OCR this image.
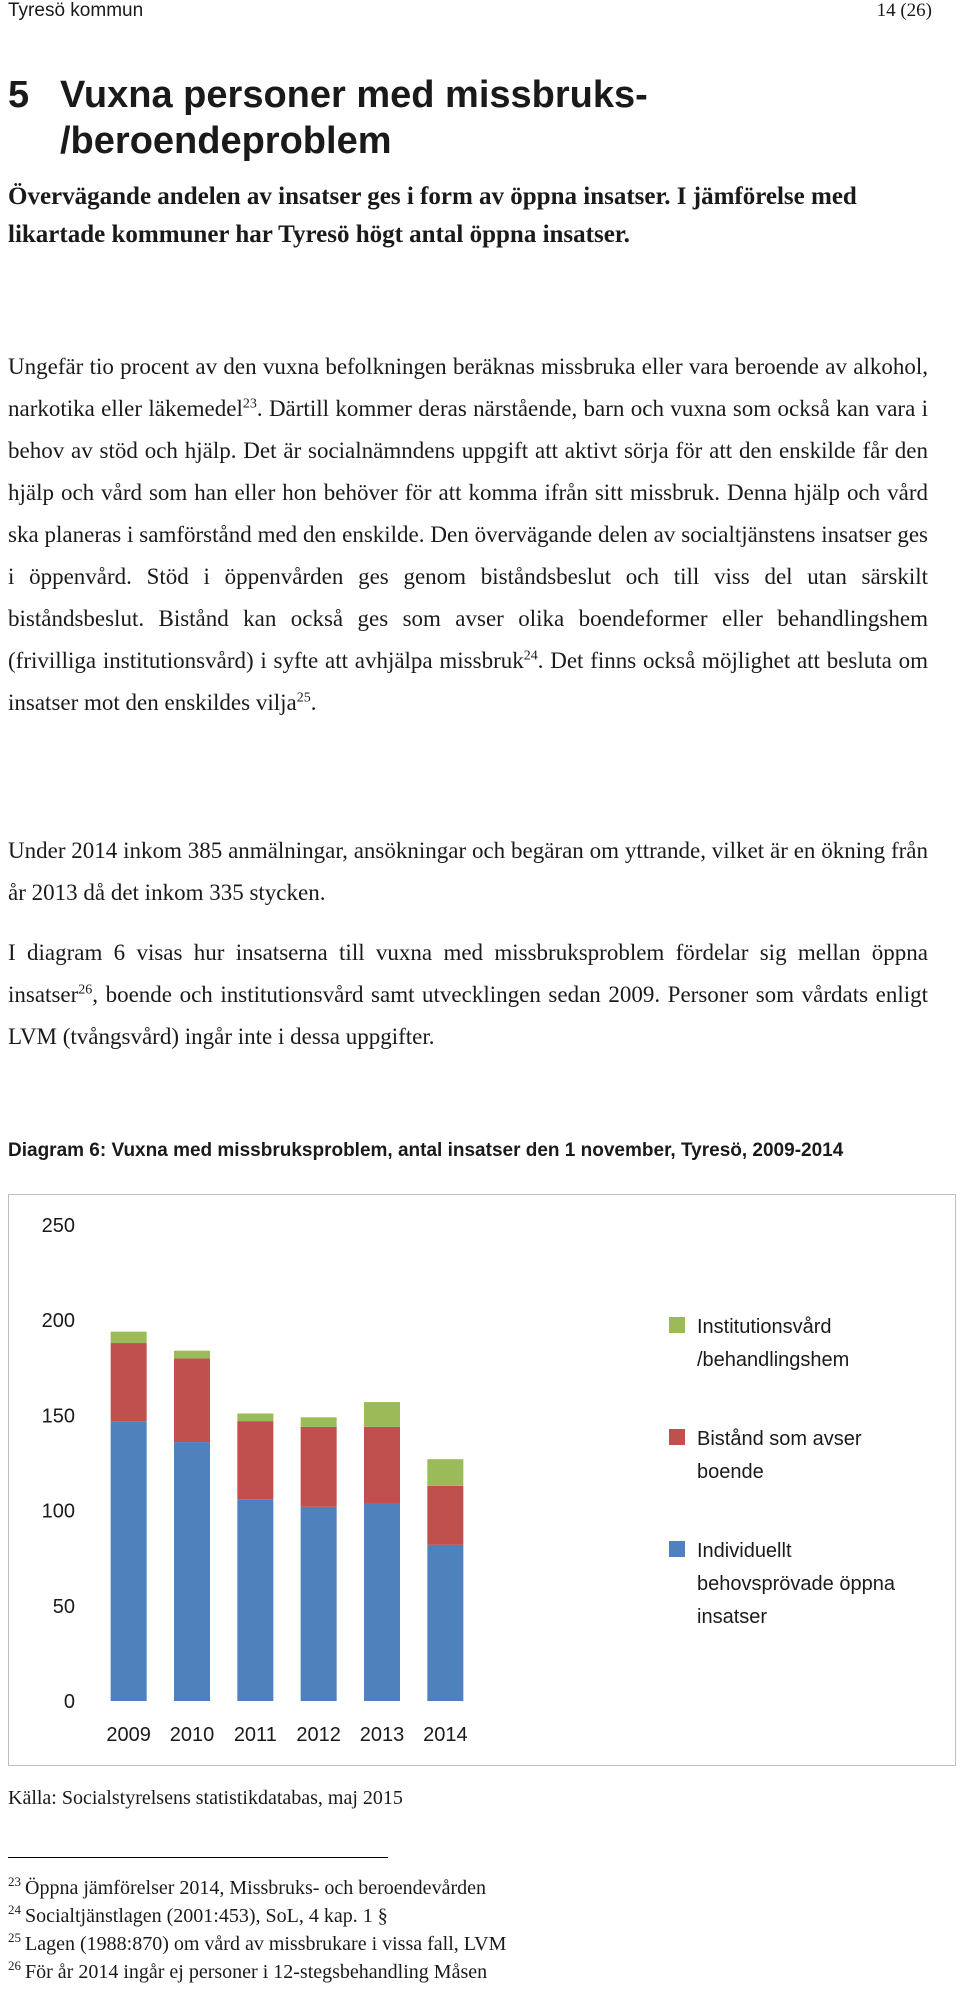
Tyresö kommun	14 (26)
5 Vuxna personer med missbruks-
/beroendeproblem
Övervägande andelen av insatser ges i form av öppna insatser. I jämförelse med likartade kommuner har Tyresö högt antal öppna insatser.
Ungefär tio procent av den vuxna befolkningen beräknas missbruka eller vara beroende av alkohol, narkotika eller läkemedel$^{23}$. Därtill kommer deras närstående, barn och vuxna som också kan vara i behov av stöd och hjälp. Det är socialnämndens uppgift att aktivt sörja för att den enskilde får den hjälp och vård som han eller hon behöver för att komma ifrån sitt missbruk. Denna hjälp och vård ska planeras i samförstånd med den enskilde. Den övervägande delen av socialtjänstens insatser ges i öppenvård. Stöd i öppenvården ges genom biståndsbeslut och till viss del utan särskilt biståndsbeslut. Bistånd kan också ges som avser olika boendeformer eller behandlingshem (frivilliga institutionsvård) i syfte att avhjälpa missbruk$^{24}$. Det finns också möjlighet att besluta om insatser mot den enskildes vilja$^{25}$.
Under 2014 inkom 385 anmälningar, ansökningar och begäran om yttrande, vilket är en ökning från år 2013 då det inkom 335 stycken.
I diagram 6 visas hur insatserna till vuxna med missbruksproblem fördelar sig mellan öppna insatser$^{26}$, boende och institutionsvård samt utvecklingen sedan 2009. Personer som vårdats enligt LVM (tvångsvård) ingår inte i dessa uppgifter.
Diagram 6: Vuxna med missbruksproblem, antal insatser den 1 november, Tyresö, 2009-2014
0
50
100
150
200
250
2009 2010 2011 2012 2013 2014
Institutionsvård
/behandlingshem
Bistånd som avser
boende
Individuellt
behovsprövade öppna
insatser
Källa: Socialstyrelsens statistikdatabas, maj 2015
$^{23}$ Öppna jämförelser 2014, Missbruks- och beroendevården
$^{24}$ Socialtjänstlagen (2001:453), SoL, 4 kap. 1 §
$^{25}$ Lagen (1988:870) om vård av missbrukare i vissa fall, LVM
$^{26}$ För år 2014 ingår ej personer i 12-stegsbehandling Måsen
